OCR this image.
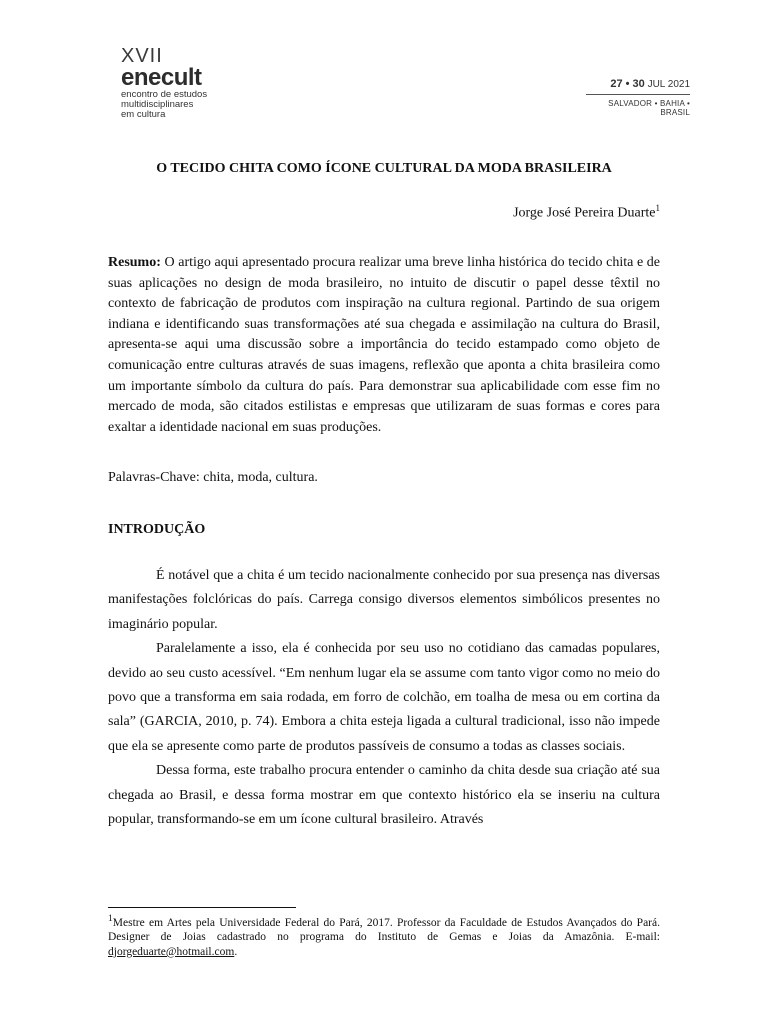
XVII
enecult
encontro de estudos
multidisciplinares
em cultura
27 • 30 JUL 2021
SALVADOR • BAHIA • BRASIL
O TECIDO CHITA COMO ÍCONE CULTURAL DA MODA BRASILEIRA
Jorge José Pereira Duarte$^1$
Resumo: O artigo aqui apresentado procura realizar uma breve linha histórica do tecido chita e de suas aplicações no design de moda brasileiro, no intuito de discutir o papel desse têxtil no contexto de fabricação de produtos com inspiração na cultura regional. Partindo de sua origem indiana e identificando suas transformações até sua chegada e assimilação na cultura do Brasil, apresenta-se aqui uma discussão sobre a importância do tecido estampado como objeto de comunicação entre culturas através de suas imagens, reflexão que aponta a chita brasileira como um importante símbolo da cultura do país. Para demonstrar sua aplicabilidade com esse fim no mercado de moda, são citados estilistas e empresas que utilizaram de suas formas e cores para exaltar a identidade nacional em suas produções.
Palavras-Chave: chita, moda, cultura.
INTRODUÇÃO

É notável que a chita é um tecido nacionalmente conhecido por sua presença nas diversas manifestações folclóricas do país. Carrega consigo diversos elementos simbólicos presentes no imaginário popular.

Paralelamente a isso, ela é conhecida por seu uso no cotidiano das camadas populares, devido ao seu custo acessível. “Em nenhum lugar ela se assume com tanto vigor como no meio do povo que a transforma em saia rodada, em forro de colchão, em toalha de mesa ou em cortina da sala” (GARCIA, 2010, p. 74). Embora a chita esteja ligada a cultural tradicional, isso não impede que ela se apresente como parte de produtos passíveis de consumo a todas as classes sociais.

Dessa forma, este trabalho procura entender o caminho da chita desde sua criação até sua chegada ao Brasil, e dessa forma mostrar em que contexto histórico ela se inseriu na cultura popular, transformando-se em um ícone cultural brasileiro. Através

$^1$Mestre em Artes pela Universidade Federal do Pará, 2017. Professor da Faculdade de Estudos Avançados do Pará. Designer de Joias cadastrado no programa do Instituto de Gemas e Joias da Amazônia. E-mail: djorgeduarte@hotmail.com.
